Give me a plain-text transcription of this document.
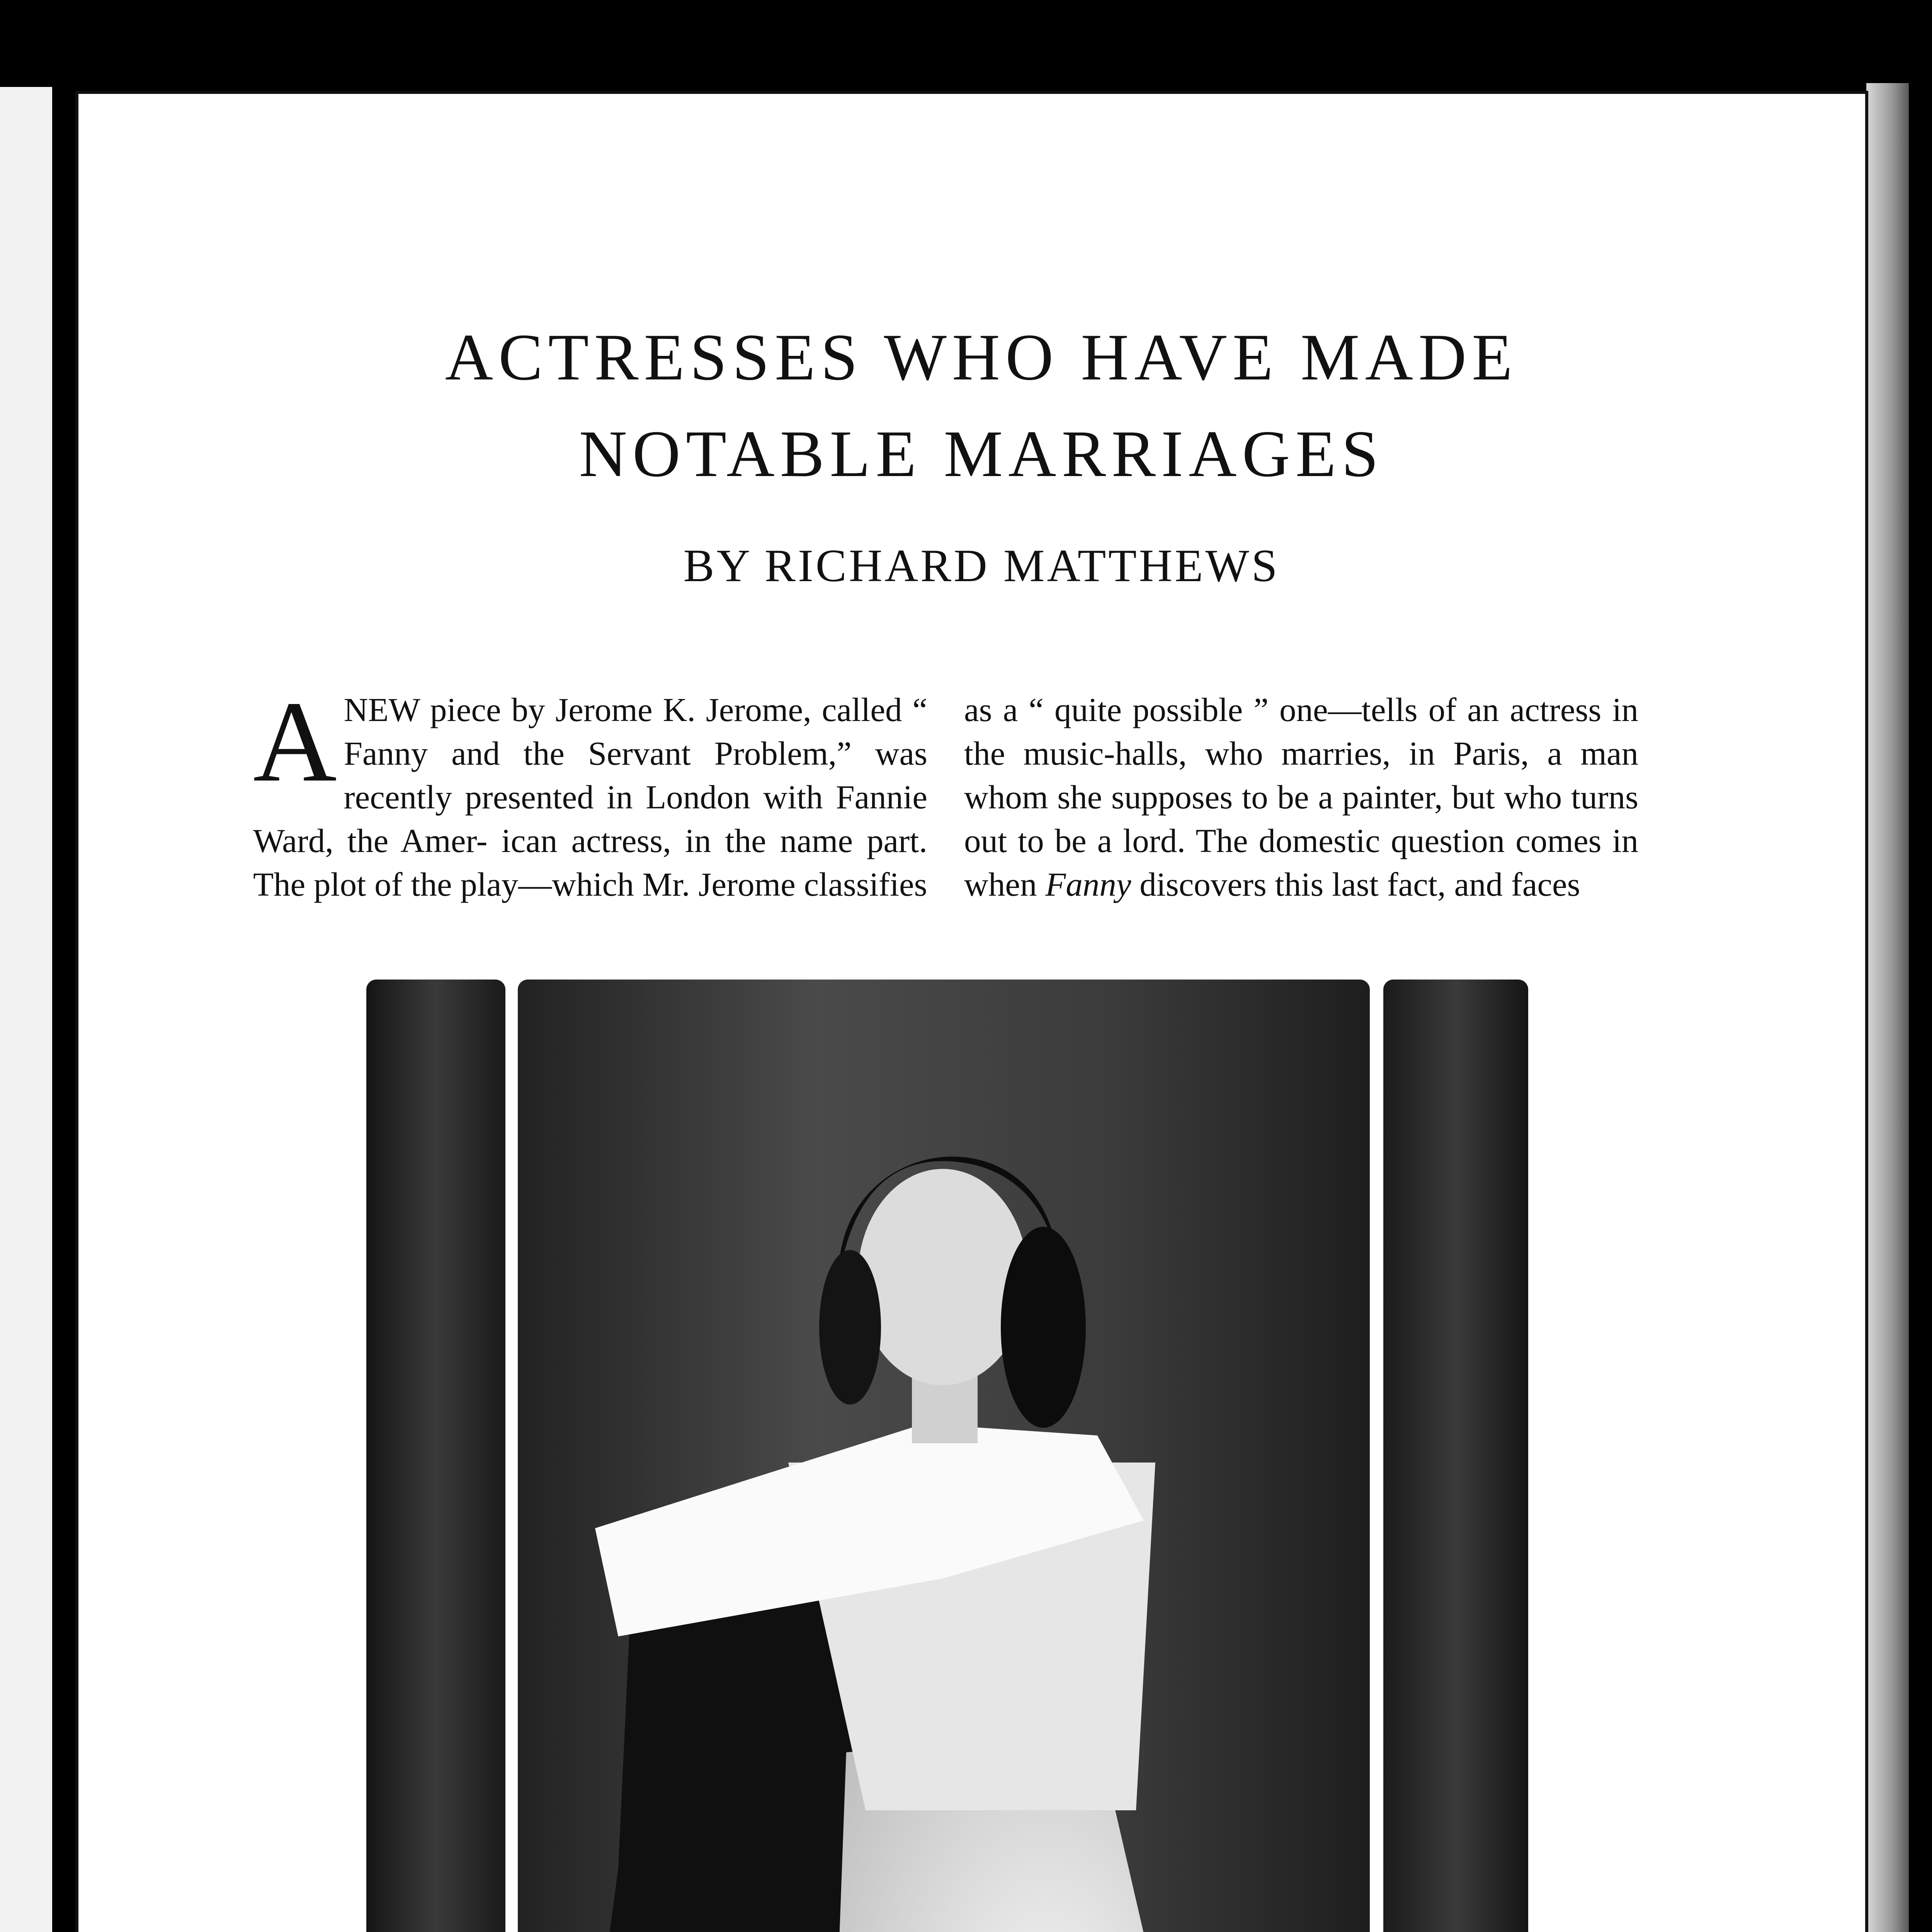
ACTRESSES WHO HAVE MADE
NOTABLE MARRIAGES

BY RICHARD MATTHEWS

A NEW piece by Jerome K. Jerome, called “ Fanny and the Servant Problem,” was recently presented in London with Fannie Ward, the Amer- ican actress, in the name part. The plot of the play—which Mr. Jerome classifies
as a “ quite possible ” one—tells of an actress in the music-halls, who marries, in Paris, a man whom she supposes to be a painter, but who turns out to be a lord. The domestic question comes in when Fanny discovers this last fact, and faces
